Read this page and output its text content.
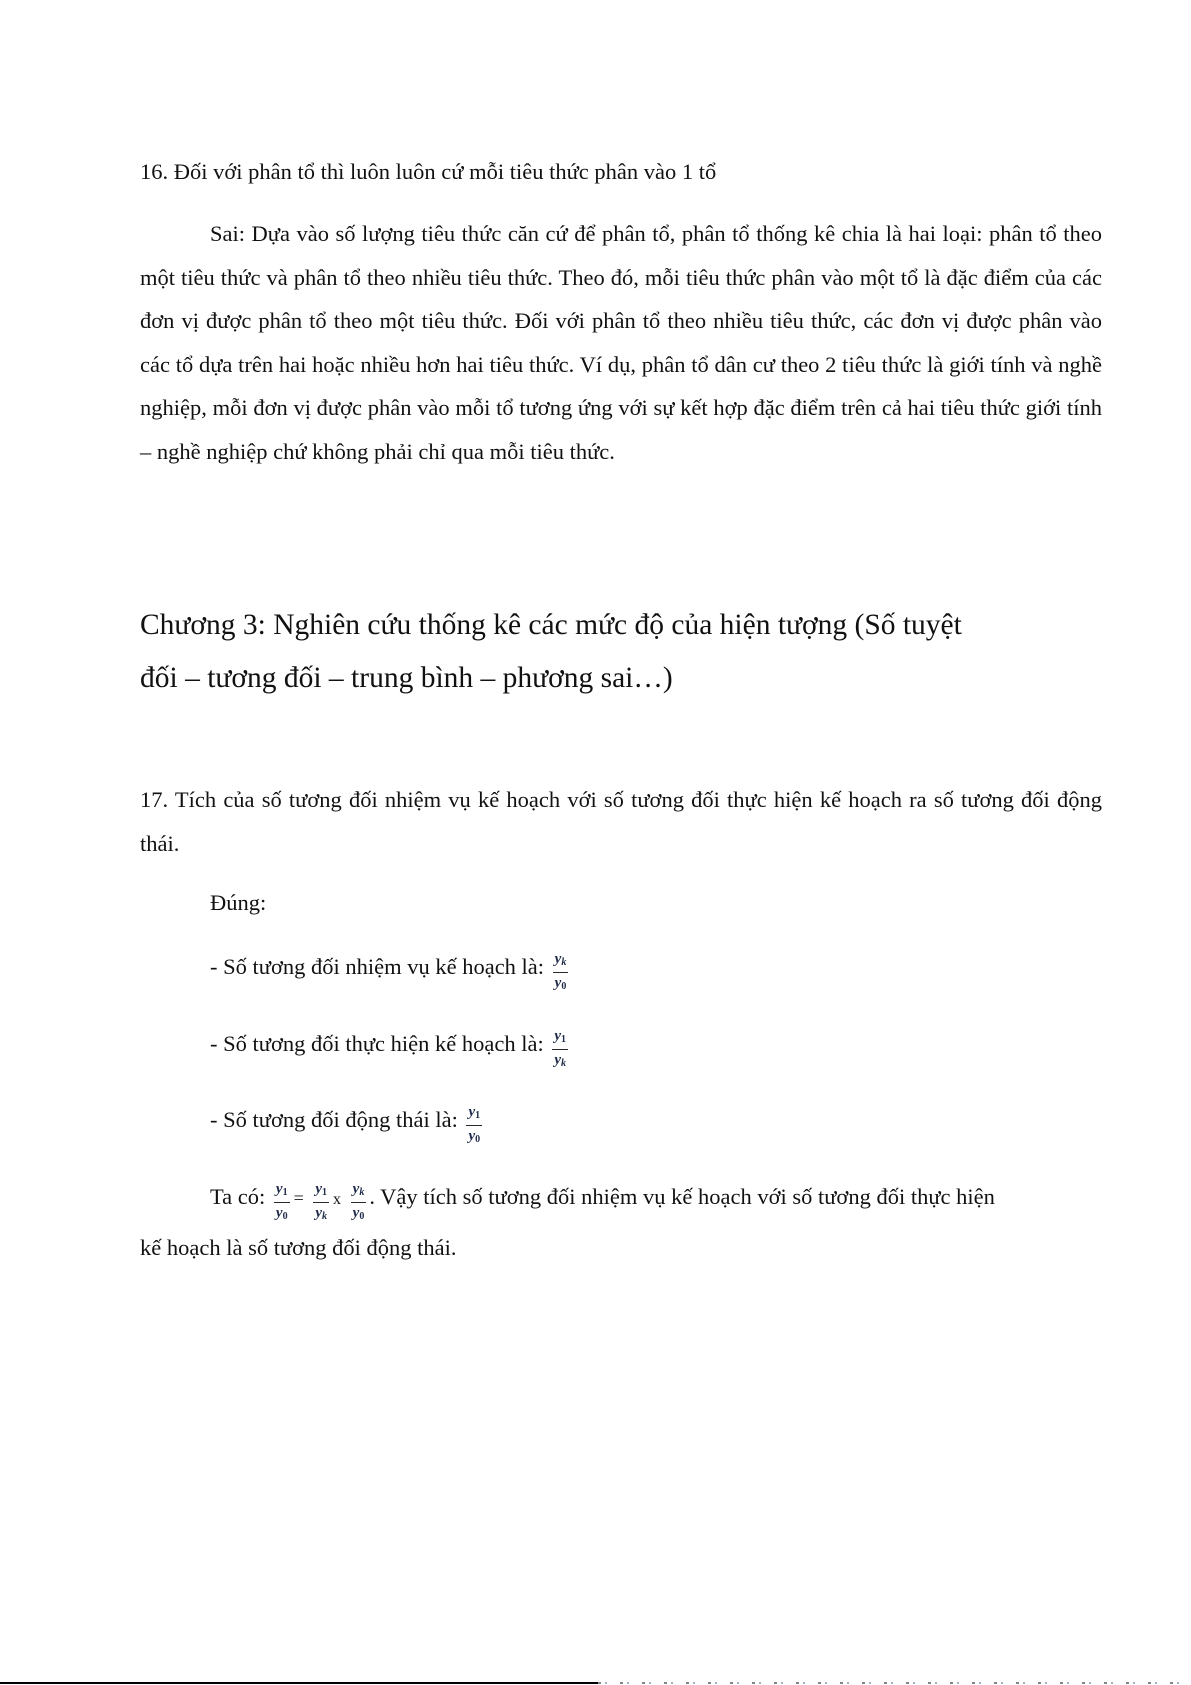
16. Đối với phân tổ thì luôn luôn cứ mỗi tiêu thức phân vào 1 tổ

Sai: Dựa vào số lượng tiêu thức căn cứ để phân tổ, phân tổ thống kê chia là hai loại: phân tổ theo một tiêu thức và phân tổ theo nhiều tiêu thức. Theo đó, mỗi tiêu thức phân vào một tổ là đặc điểm của các đơn vị được phân tổ theo một tiêu thức. Đối với phân tổ theo nhiều tiêu thức, các đơn vị được phân vào các tổ dựa trên hai hoặc nhiều hơn hai tiêu thức. Ví dụ, phân tổ dân cư theo 2 tiêu thức là giới tính và nghề nghiệp, mỗi đơn vị được phân vào mỗi tổ tương ứng với sự kết hợp đặc điểm trên cả hai tiêu thức giới tính – nghề nghiệp chứ không phải chỉ qua mỗi tiêu thức.

Chương 3: Nghiên cứu thống kê các mức độ của hiện tượng (Số tuyệt
đối – tương đối – trung bình – phương sai…)
17. Tích của số tương đối nhiệm vụ kế hoạch với số tương đối thực hiện kế hoạch ra số tương đối động thái.
Đúng:
- Số tương đối nhiệm vụ kế hoạch là: $\frac{y_k}{y_0}$
- Số tương đối thực hiện kế hoạch là: $\frac{y_1}{y_k}$
- Số tương đối động thái là: $\frac{y_1}{y_0}$
Ta có: $\frac{y_1}{y_0} = \frac{y_1}{y_k}$ x $\frac{y_k}{y_0}$ . Vậy tích số tương đối nhiệm vụ kế hoạch với số tương đối thực hiện
kế hoạch là số tương đối động thái.
